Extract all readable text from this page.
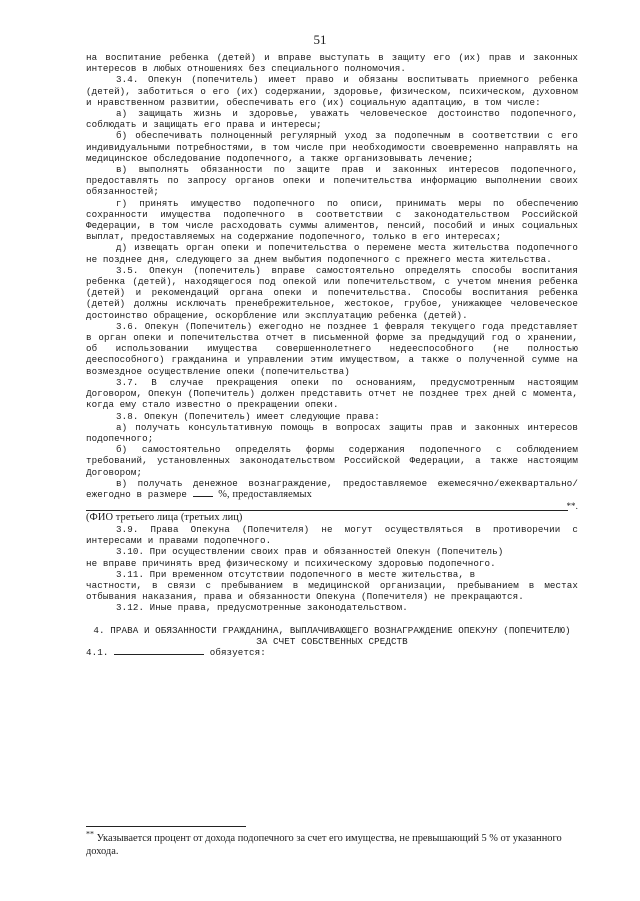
51

на воспитание ребенка (детей) и вправе выступать в защиту его (их) прав и законных интересов в любых отношениях без специального полномочия.

3.4. Опекун (попечитель) имеет право и обязаны воспитывать приемного ребенка (детей), заботиться о его (их) содержании, здоровье, физическом, психическом, духовном и нравственном развитии, обеспечивать его (их) социальную адаптацию, в том числе:

а) защищать жизнь и здоровье, уважать человеческое достоинство подопечного, соблюдать и защищать его права и интересы;

б) обеспечивать полноценный регулярный уход за подопечным в соответствии с его индивидуальными потребностями, в том числе при необходимости своевременно направлять на медицинское обследование подопечного, а также организовывать лечение;

в) выполнять обязанности по защите прав и законных интересов подопечного, предоставлять по запросу органов опеки и попечительства информацию выполнении своих обязанностей;

г) принять имущество подопечного по описи, принимать меры по обеспечению сохранности имущества подопечного в соответствии с законодательством Российской Федерации, в том числе расходовать суммы алиментов, пенсий, пособий и иных социальных выплат, предоставляемых на содержание подопечного, только в его интересах;

д) извещать орган опеки и попечительства о перемене места жительства подопечного не позднее дня, следующего за днем выбытия подопечного с прежнего места жительства.

3.5. Опекун (попечитель) вправе самостоятельно определять способы воспитания ребенка (детей), находящегося под опекой или попечительством, с учетом мнения ребенка (детей) и рекомендаций органа опеки и попечительства. Способы воспитания ребенка (детей) должны исключать пренебрежительное, жестокое, грубое, унижающее человеческое достоинство обращение, оскорбление или эксплуатацию ребенка (детей).

3.6. Опекун (Попечитель) ежегодно не позднее 1 февраля текущего года представляет в орган опеки и попечительства отчет в письменной форме за предыдущий год о хранении, об использовании имущества совершеннолетнего недееспособного (не полностью дееспособного) гражданина и управлении этим имуществом, а также о полученной сумме на возмездное осуществление опеки (попечительства)

3.7. В случае прекращения опеки по основаниям, предусмотренным настоящим Договором, Опекун (Попечитель) должен представить отчет не позднее трех дней с момента, когда ему стало известно о прекращении опеки.

3.8. Опекун (Попечитель) имеет следующие права:

а) получать консультативную помощь в вопросах защиты прав и законных интересов подопечного;

б) самостоятельно определять формы содержания подопечного с соблюдением требований, установленных законодательством Российской Федерации, а также настоящим Договором;

в) получать денежное вознаграждение, предоставляемое ежемесячно/ежеквартально/ежегодно в размере	%, предоставляемых

**.

(ФИО третьего лица (третьих лиц)

3.9. Права Опекуна (Попечителя) не могут осуществляться в противоречии с интересами и правами подопечного.

3.10. При осуществлении своих прав и обязанностей Опекун (Попечитель)

не вправе причинять вред физическому и психическому здоровью подопечного.

3.11. При временном отсутствии подопечного в месте жительства, в

частности, в связи с пребыванием в медицинской организации, пребыванием в местах отбывания наказания, права и обязанности Опекуна (Попечителя) не прекращаются.

3.12. Иные права, предусмотренные законодательством.

4. ПРАВА И ОБЯЗАННОСТИ ГРАЖДАНИНА, ВЫПЛАЧИВАЮЩЕГО ВОЗНАГРАЖДЕНИЕ ОПЕКУНУ (ПОПЕЧИТЕЛЮ) ЗА СЧЕТ СОБСТВЕННЫХ СРЕДСТВ

4.1.	обязуется:

** Указывается процент от дохода подопечного за счет его имущества, не превышающий 5 % от указанного дохода.
